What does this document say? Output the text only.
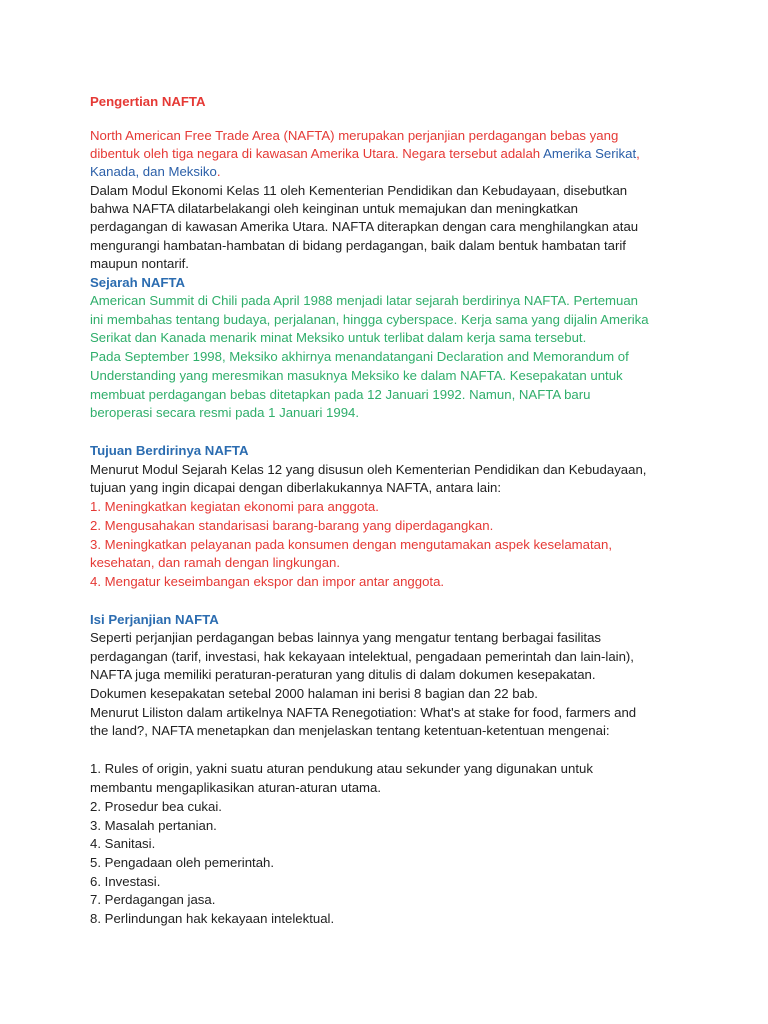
Pengertian NAFTA
North American Free Trade Area (NAFTA) merupakan perjanjian perdagangan bebas yang
dibentuk oleh tiga negara di kawasan Amerika Utara. Negara tersebut adalah Amerika Serikat,
Kanada, dan Meksiko.
Dalam Modul Ekonomi Kelas 11 oleh Kementerian Pendidikan dan Kebudayaan, disebutkan
bahwa NAFTA dilatarbelakangi oleh keinginan untuk memajukan dan meningkatkan
perdagangan di kawasan Amerika Utara. NAFTA diterapkan dengan cara menghilangkan atau
mengurangi hambatan-hambatan di bidang perdagangan, baik dalam bentuk hambatan tarif
maupun nontarif.
Sejarah NAFTA
American Summit di Chili pada April 1988 menjadi latar sejarah berdirinya NAFTA. Pertemuan
ini membahas tentang budaya, perjalanan, hingga cyberspace. Kerja sama yang dijalin Amerika
Serikat dan Kanada menarik minat Meksiko untuk terlibat dalam kerja sama tersebut.
Pada September 1998, Meksiko akhirnya menandatangani Declaration and Memorandum of
Understanding yang meresmikan masuknya Meksiko ke dalam NAFTA. Kesepakatan untuk
membuat perdagangan bebas ditetapkan pada 12 Januari 1992. Namun, NAFTA baru
beroperasi secara resmi pada 1 Januari 1994.
Tujuan Berdirinya NAFTA
Menurut Modul Sejarah Kelas 12 yang disusun oleh Kementerian Pendidikan dan Kebudayaan,
tujuan yang ingin dicapai dengan diberlakukannya NAFTA, antara lain:
1. Meningkatkan kegiatan ekonomi para anggota.
2. Mengusahakan standarisasi barang-barang yang diperdagangkan.
3. Meningkatkan pelayanan pada konsumen dengan mengutamakan aspek keselamatan,
kesehatan, dan ramah dengan lingkungan.
4. Mengatur keseimbangan ekspor dan impor antar anggota.
Isi Perjanjian NAFTA
Seperti perjanjian perdagangan bebas lainnya yang mengatur tentang berbagai fasilitas
perdagangan (tarif, investasi, hak kekayaan intelektual, pengadaan pemerintah dan lain-lain),
NAFTA juga memiliki peraturan-peraturan yang ditulis di dalam dokumen kesepakatan.
Dokumen kesepakatan setebal 2000 halaman ini berisi 8 bagian dan 22 bab.
Menurut Liliston dalam artikelnya NAFTA Renegotiation: What's at stake for food, farmers and
the land?, NAFTA menetapkan dan menjelaskan tentang ketentuan-ketentuan mengenai:
1. Rules of origin, yakni suatu aturan pendukung atau sekunder yang digunakan untuk
membantu mengaplikasikan aturan-aturan utama.
2. Prosedur bea cukai.
3. Masalah pertanian.
4. Sanitasi.
5. Pengadaan oleh pemerintah.
6. Investasi.
7. Perdagangan jasa.
8. Perlindungan hak kekayaan intelektual.
